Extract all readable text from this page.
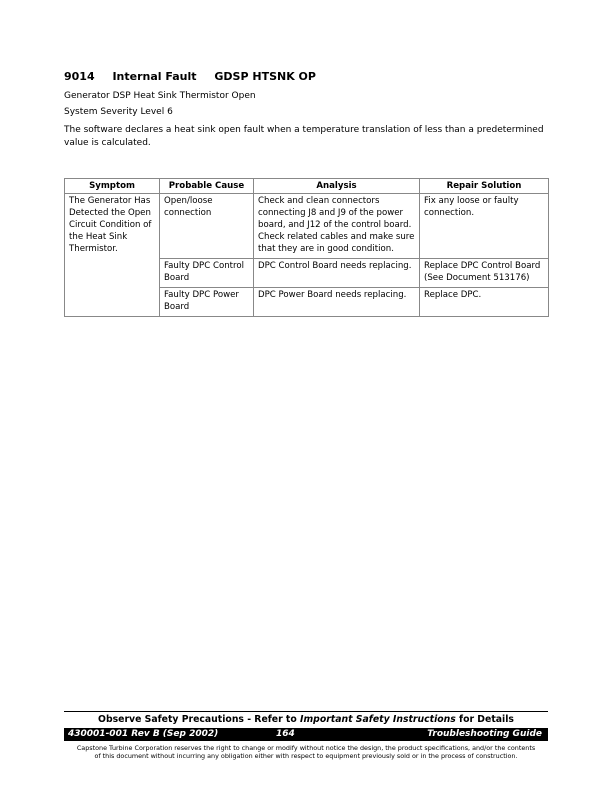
9014 Internal Fault GDSP HTSNK OP
Generator DSP Heat Sink Thermistor Open
System Severity Level 6
The software declares a heat sink open fault when a temperature translation of less than a predetermined value is calculated.
Symptom	Probable Cause	Analysis	Repair Solution
The Generator Has Detected the Open Circuit Condition of the Heat Sink Thermistor.	Open/loose connection	Check and clean connectors connecting J8 and J9 of the power board, and J12 of the control board. Check related cables and make sure that they are in good condition.	Fix any loose or faulty connection.
	Faulty DPC Control Board	DPC Control Board needs replacing.	Replace DPC Control Board (See Document 513176)
	Faulty DPC Power Board	DPC Power Board needs replacing.	Replace DPC.
Observe Safety Precautions - Refer to Important Safety Instructions for Details
430001-001 Rev B (Sep 2002)	164	Troubleshooting Guide
Capstone Turbine Corporation reserves the right to change or modify without notice the design, the product specifications, and/or the contents
of this document without incurring any obligation either with respect to equipment previously sold or in the process of construction.
